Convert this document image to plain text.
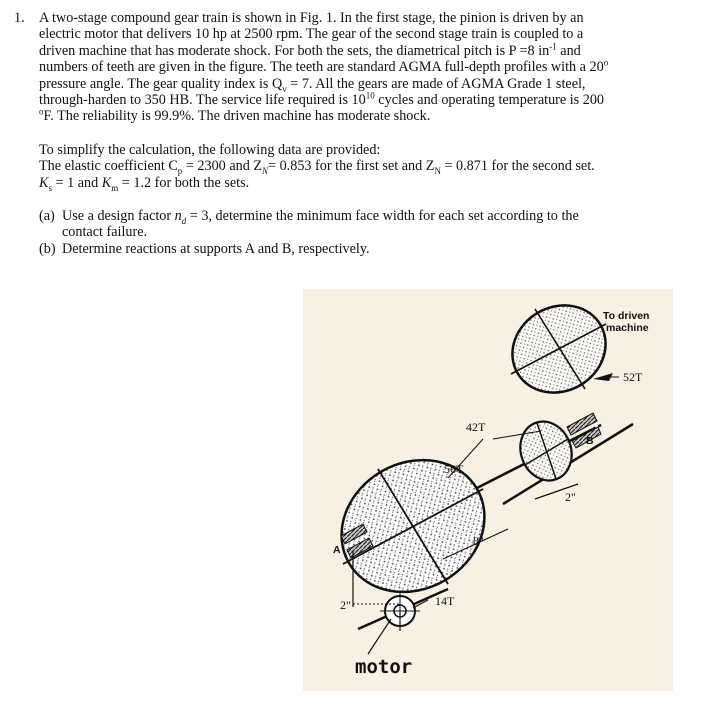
1. A two-stage compound gear train is shown in Fig. 1. In the first stage, the pinion is driven by an
electric motor that delivers 10 hp at 2500 rpm. The gear of the second stage train is coupled to a
driven machine that has moderate shock. For both the sets, the diametrical pitch is P =8 $in^{-1}$ and
numbers of teeth are given in the figure. The teeth are standard AGMA full-depth profiles with a 20$^o$
pressure angle. The gear quality index is $Q_v = 7$. All the gears are made of AGMA Grade 1 steel,
through-harden to 350 HB. The service life required is $10^{10}$ cycles and operating temperature is 200
$^o$F. The reliability is 99.9%. The driven machine has moderate shock.
To simplify the calculation, the following data are provided:
The elastic coefficient $C_p = 2300$ and $Z_N= 0.853$ for the first set and $Z_N = 0.871$ for the second set.
$K_s = 1$ and $K_m = 1.2$ for both the sets.
(a) Use a design factor $n_d = 3$, determine the minimum face width for each set according to the
contact failure.
(b) Determine reactions at supports A and B, respectively.
2"
8"
2"
To driven
machine
52T
42T
56T
14T
A
B
motor
